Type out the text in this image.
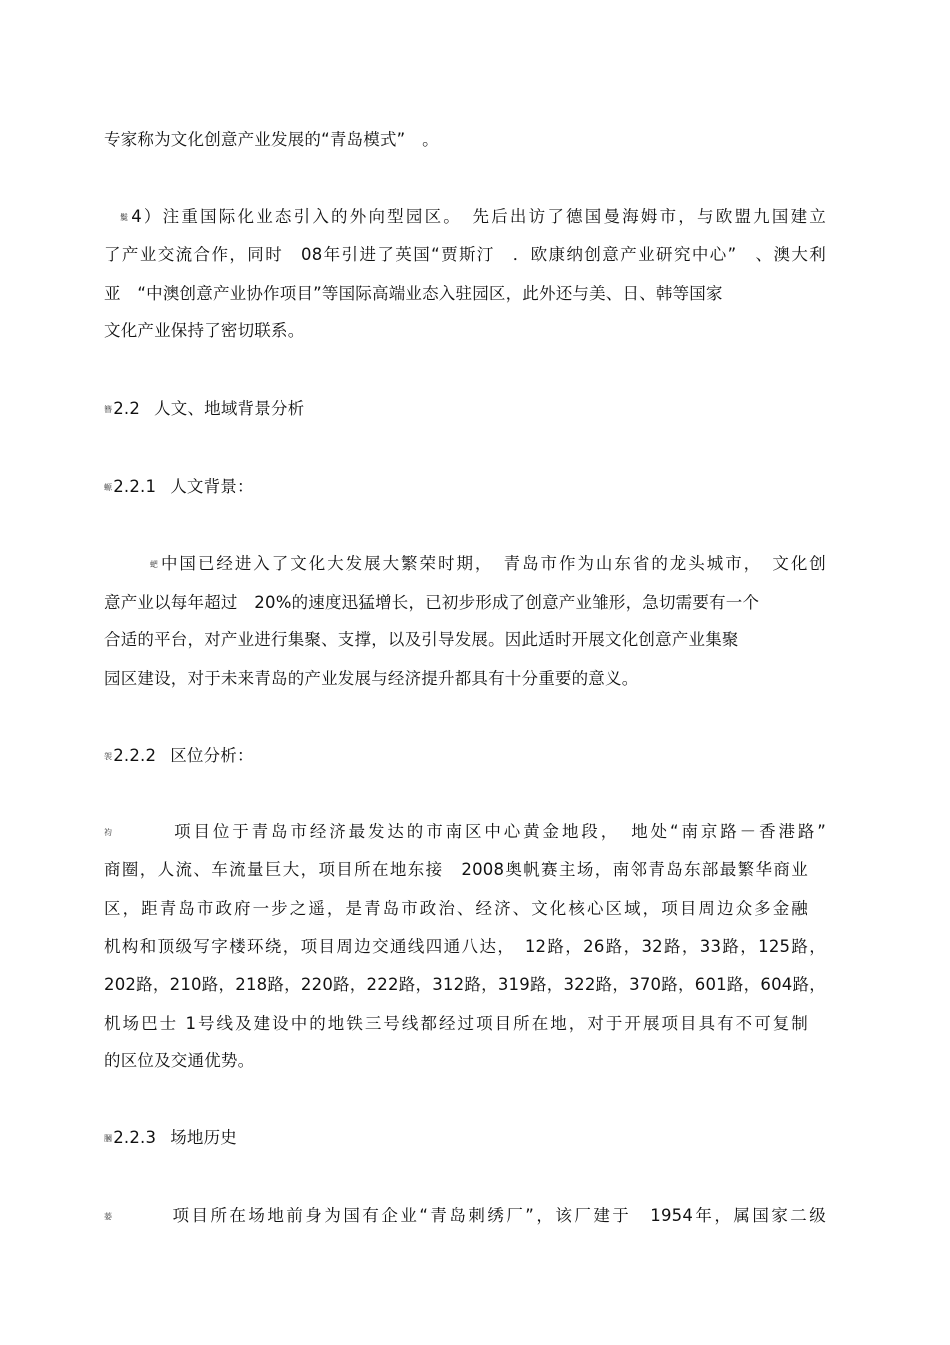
专家称为文化创意产业发展的“青岛模式”　。
鬕4）注重国际化业态引入的外向型园区。　先后出访了德国曼海姆市，与欧盟九国建立
了产业交流合作，同时　08年引进了英国“贾斯汀　．欧康纳创意产业研究中心”　、澳大利
亚　“中澳创意产业协作项目”等国际高端业态入驻园区，此外还与美、日、韩等国家
文化产业保持了密切联系。
簪2.2 人文、地域背景分析
螈2.2.1 人文背景：
蚆中国已经进入了文化大发展大繁荣时期，　青岛市作为山东省的龙头城市，　文化创
意产业以每年超过　20%的速度迅猛增长，已初步形成了创意产业雏形，急切需要有一个
合适的平台，对产业进行集聚、支撑，以及引导发展。因此适时开展文化创意产业集聚
园区建设，对于未来青岛的产业发展与经济提升都具有十分重要的意义。
袈2.2.2 区位分析：
袀　　　项目位于青岛市经济最发达的市南区中心黄金地段，　地处“南京路－香港路”
商圈，人流、车流量巨大，项目所在地东接　2008奥帆赛主场，南邻青岛东部最繁华商业
区，距青岛市政府一步之遥，是青岛市政治、经济、文化核心区域，项目周边众多金融
机构和顶级写字楼环绕，项目周边交通线四通八达，　12路，26路，32路，33路，125路，
202路，210路，218路，220路，222路，312路，319路，322路，370路，601路，604路，
机场巴士 1号线及建设中的地铁三号线都经过项目所在地，对于开展项目具有不可复制
的区位及交通优势。
膕2.2.3 场地历史
蒆　　　项目所在场地前身为国有企业“青岛刺绣厂”，该厂建于　1954年，属国家二级
